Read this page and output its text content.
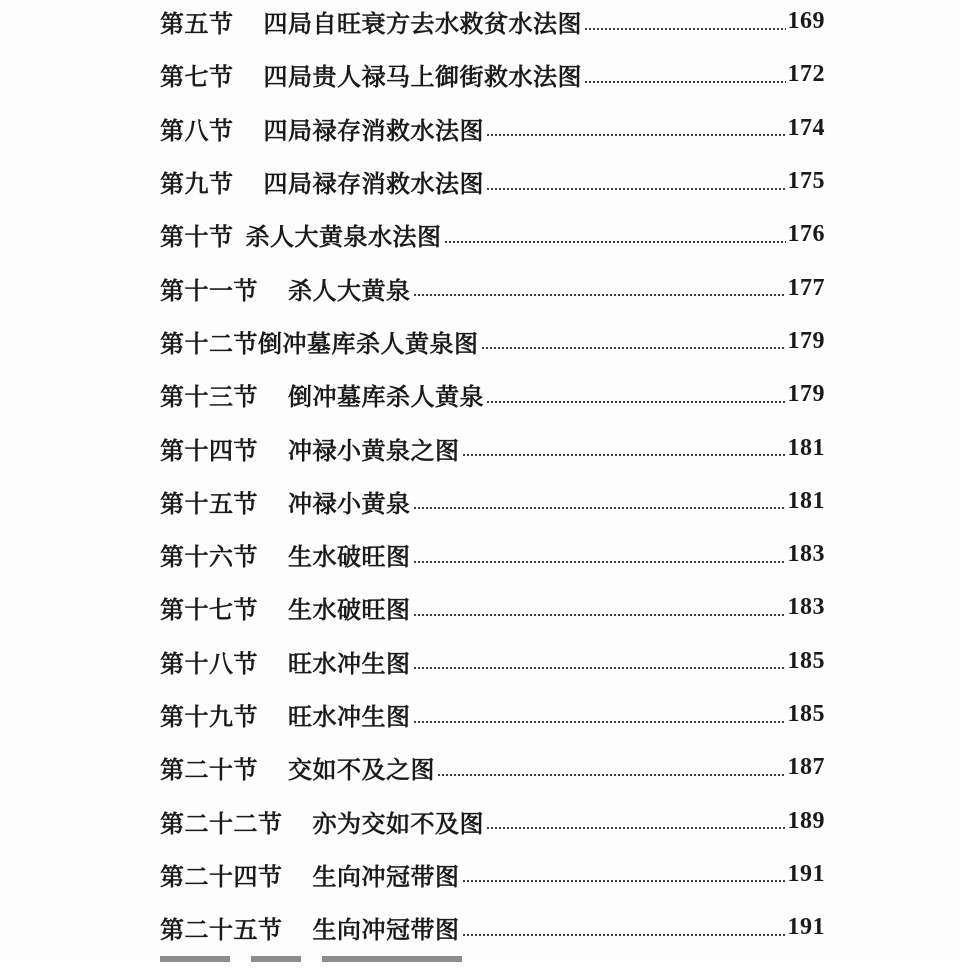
第五节 四局自旺衰方去水救贫水法图	169
第七节 四局贵人禄马上御街救水法图	172
第八节 四局禄存消救水法图	174
第九节 四局禄存消救水法图	175
第十节 杀人大黄泉水法图	176
第十一节 杀人大黄泉	177
第十二节 倒冲墓库杀人黄泉图	179
第十三节 倒冲墓库杀人黄泉	179
第十四节 冲禄小黄泉之图	181
第十五节 冲禄小黄泉	181
第十六节 生水破旺图	183
第十七节 生水破旺图	183
第十八节 旺水冲生图	185
第十九节 旺水冲生图	185
第二十节 交如不及之图	187
第二十二节 亦为交如不及图	189
第二十四节 生向冲冠带图	191
第二十五节 生向冲冠带图	191
